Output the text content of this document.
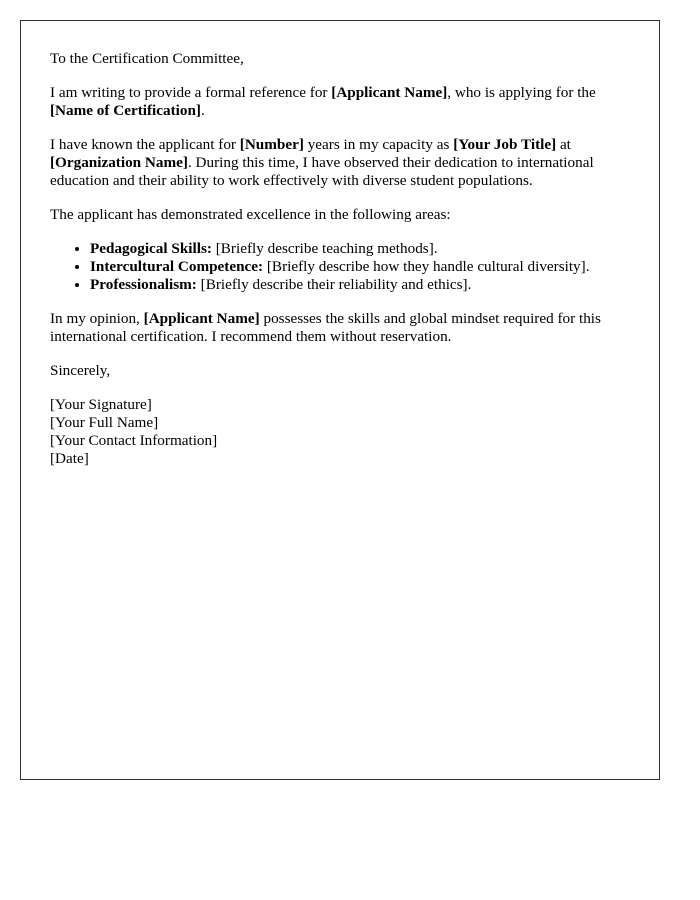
To the Certification Committee,

I am writing to provide a formal reference for [Applicant Name], who is applying for the [Name of Certification].

I have known the applicant for [Number] years in my capacity as [Your Job Title] at [Organization Name]. During this time, I have observed their dedication to international education and their ability to work effectively with diverse student populations.

The applicant has demonstrated excellence in the following areas:

• Pedagogical Skills: [Briefly describe teaching methods].
• Intercultural Competence: [Briefly describe how they handle cultural diversity].
• Professionalism: [Briefly describe their reliability and ethics].

In my opinion, [Applicant Name] possesses the skills and global mindset required for this international certification. I recommend them without reservation.

Sincerely,

[Your Signature]
[Your Full Name]
[Your Contact Information]
[Date]
